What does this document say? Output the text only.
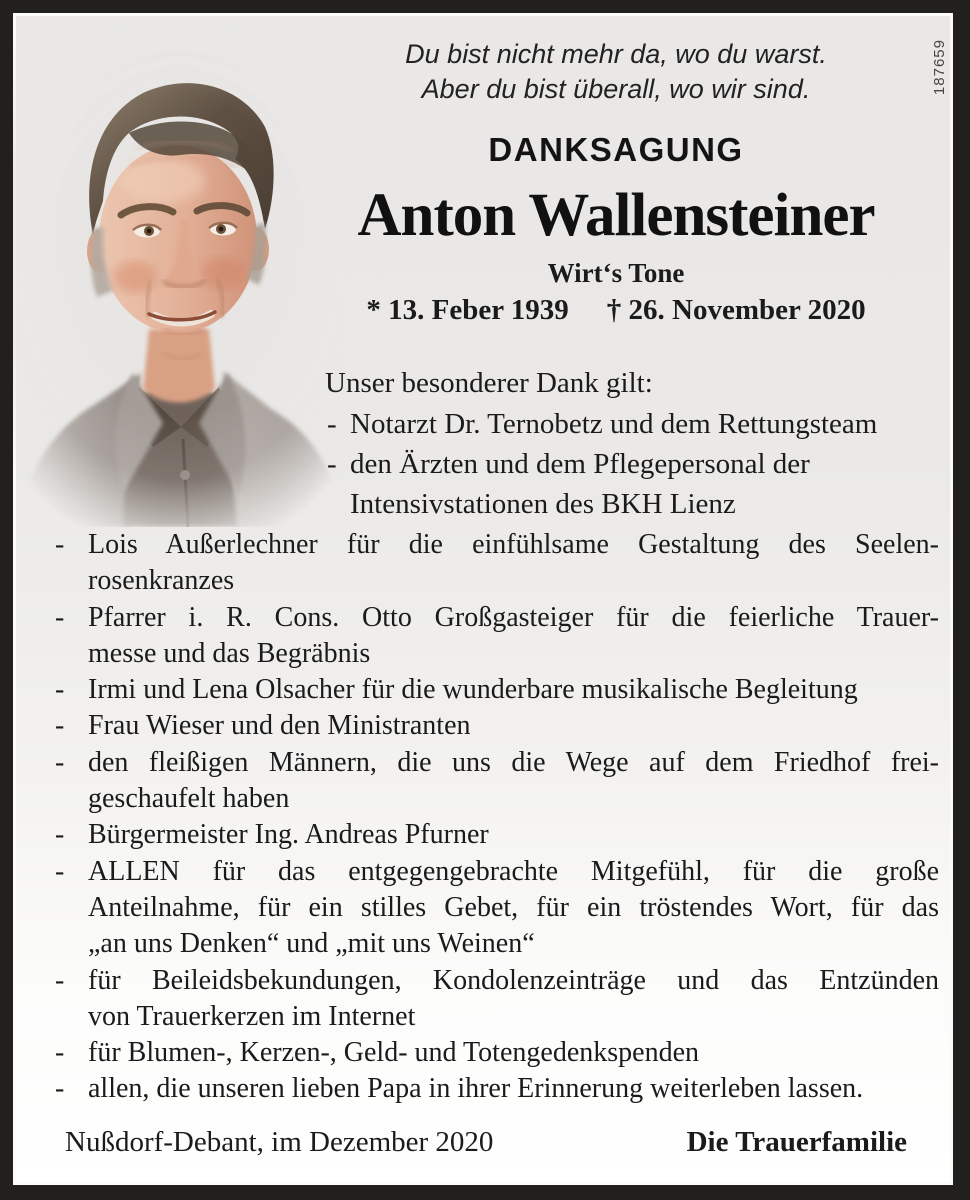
187659
Du bist nicht mehr da, wo du warst.
Aber du bist überall, wo wir sind.
DANKSAGUNG
Anton Wallensteiner
Wirt‘s Tone
* 13. Feber 1939 † 26. November 2020
Unser besonderer Dank gilt:
- Notarzt Dr. Ternobetz und dem Rettungsteam
- den Ärzten und dem Pflegepersonal der
Intensivstationen des BKH Lienz
- Lois Außerlechner für die einfühlsame Gestaltung des Seelen-
rosenkranzes
- Pfarrer i. R. Cons. Otto Großgasteiger für die feierliche Trauer-
messe und das Begräbnis
- Irmi und Lena Olsacher für die wunderbare musikalische Begleitung
- Frau Wieser und den Ministranten
- den fleißigen Männern, die uns die Wege auf dem Friedhof frei-
geschaufelt haben
- Bürgermeister Ing. Andreas Pfurner
- ALLEN für das entgegengebrachte Mitgefühl, für die große
Anteilnahme, für ein stilles Gebet, für ein tröstendes Wort, für das
„an uns Denken“ und „mit uns Weinen“
- für Beileidsbekundungen, Kondolenzeinträge und das Entzünden
von Trauerkerzen im Internet
- für Blumen-, Kerzen-, Geld- und Totengedenkspenden
- allen, die unseren lieben Papa in ihrer Erinnerung weiterleben lassen.
Nußdorf-Debant, im Dezember 2020	Die Trauerfamilie
